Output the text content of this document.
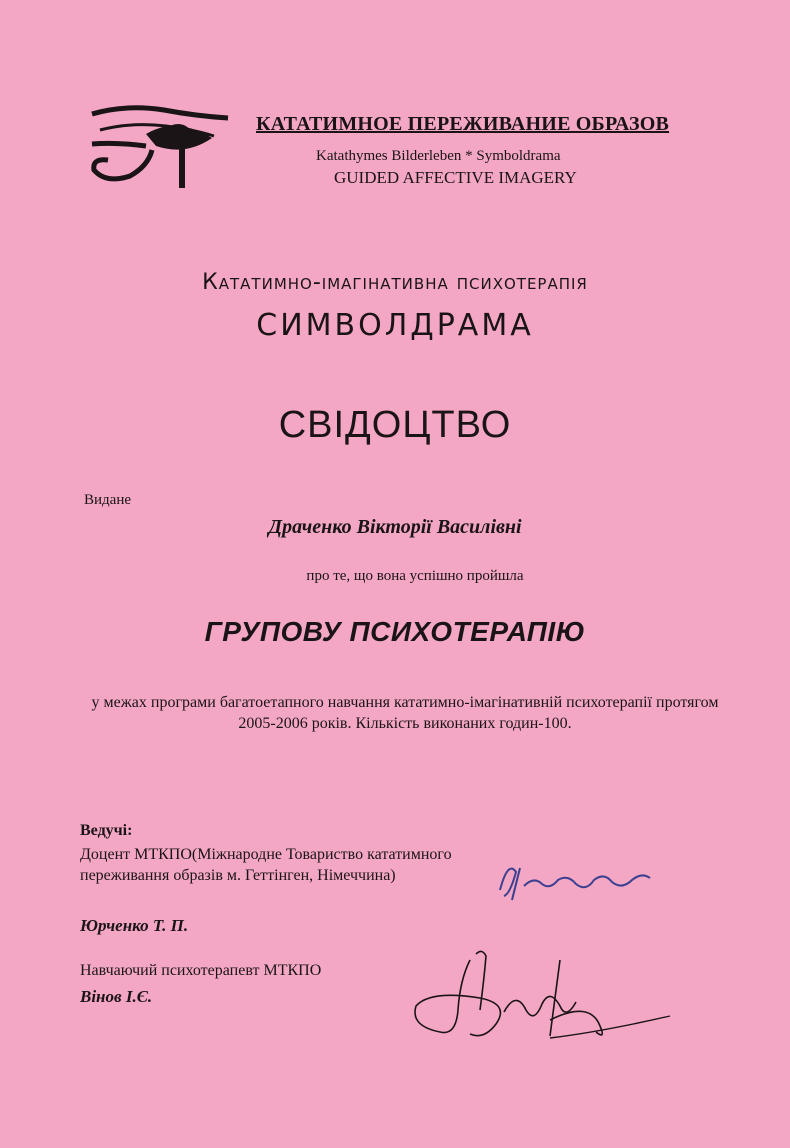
КАТАТИМНОЕ ПЕРЕЖИВАНИЕ ОБРАЗОВ
Katathymes Bilderleben * Symboldrama
GUIDED AFFECTIVE IMAGERY
Кататимно-імагінативна психотерапія
СИМВОЛДРАМА
СВІДОЦТВО
Видане
Драченко Вікторії Василівні
про те, що вона успішно пройшла
ГРУПОВУ ПСИХОТЕРАПІЮ
у межах програми багатоетапного навчання кататимно-імагінативній психотерапії протягом 2005-2006 років. Кількість виконаних годин-100.
Ведучі:
Доцент МТКПО(Міжнародне Товариство кататимного переживання образів м. Геттінген, Німеччина)
Юрченко Т. П.
Навчаючий психотерапевт МТКПО
Вінов І.Є.
